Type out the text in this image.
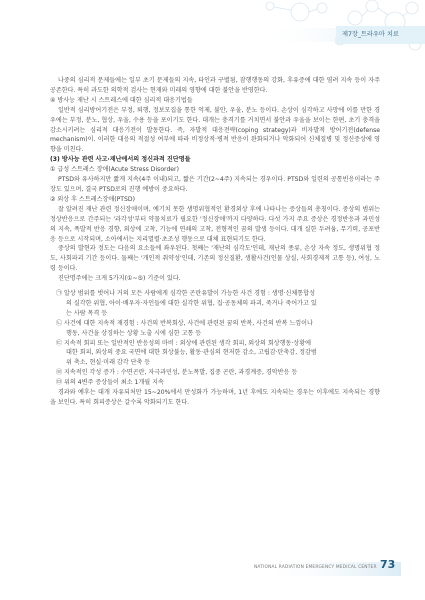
제7장_트라우마 치료

나중의 심리적 문제들에는 일부 초기 문제들의 지속, 타인과 구별됨, 잠행행동의 강화, 후유증에 대한 염려 지속 등이 자주 공존한다. 특히 과도한 의학적 검사는 현재와 미래의 영향에 대한 불안을 반영한다.

④ 방사능 재난 시 스트레스에 대한 심리적 대응기법들

일반적 심리방어기전은 부정, 퇴행, 정보모집을 통한 억제, 불안, 우울, 분노 등이다. 손상이 심각하고 사망에 이를 만한 경우에는 부정, 분노, 협상, 우울, 수용 등을 포이기도 한다. 대개는 충격기를 거치면서 불안과 우울을 보이는 한편, 초기 충격을 감소시키려는 심리적 대응기전이 발동한다. 즉, 자발적 대응전략(coping strategy)과 비자발적 방어기전(defense mechanism)이. 이러한 대응의 적절성 여부에 따라 비정상적·병적 반응이 완화되거나 악화되어 신체질병 및 정신증상에 영향을 미친다.

(3) 방사능 관련 사고·재난에서의 정신과적 진단명들

① 급성 스트레스 장애(Acute Stress Disorder)

PTSD와 유사하지만 짧게 지속(4주 이내)되고, 짧은 기간(2~4주) 지속되는 경우이다. PTSD와 일련의 공통빈응이라는 주장도 있으며, 결국 PTSD로의 진행 예방이 중요하다.

② 외상 후 스트레스장애(PTSD)

잘 알려진 재난 관련 정신장애이며, 예기치 못한 생명위협적인 환경외상 후에 나타나는 증상들의 총칭이다. 중상의 범위는 정상반응으로 간주되는 '과각성'부터 약물치료가 필요한 '정신장애'까지 다양하다. 다섯 가지 주요 증상은 경정반응과 과민성의 지속, 폭발적 반응 경향, 외상에 고착, 기능에 연쇄의 고착, 전형적인 꿈의 발생 등이다. 대개 실한 두려움, 무기력, 공포반응 등으로 시작되며, 소아에서는 지리멸렬·초조성 행동으로 대체 표현되기도 한다.

중상의 발현과 정도는 다음의 요소들에 좌우된다. 첫째는 '재난의 심각도'인데, 재난의 종류, 손상 자속 정도, 생명위협 정도, 사회파괴 기간 등이다. 둘째는 '개인적 취약성'인데, 기존의 정신질환, 생활사건(인물 상실, 사회경제적 고통 등), 여성, 노령 등이다.

진단명주에는 크게 5가지(①~⑤) 기준이 있다.

㉠ 알상 범위를 벗어나 거의 모든 사람에게 심각한 곤란유발이 가능한 사건 경험 : 생명·신체통합성

의 실각한 위협, 아이·배우자·자인들에 대한 실각한 위협, 집·공동체의 파괴, 죽거나 죽어가고 있

는 사람 목격 등

㉡ 사건에 대한 지속적 재경험 : 사건의 반복회상, 사건에 관련된 꿈의 반복, 사건의 반복 느낌이나

행동, 사건을 상징하는 상황 노출 시에 심한 고통 등

㉢ 지속적 회피 또는 일반적인 반응성의 마비 : 외상에 관련된 생각 회피, 외상의 회상행동·상황에

대한 회피, 외상의 중요 국면에 대한 회상불능, 활동·관심의 현저한 감소, 고립감·탄축감, 정감범

위 축소, 현실·미래 감각 단축 등

㉣ 지속적인 각성 증가 : 수면곤란, 자극과민성, 분노폭발, 집중 곤란, 과경계증, 경악반응 등

㉤ 위의 4변주 증상들이 최소 1개월 지속

경과와 예후는 대개 자유되처만 15~20%에서 만성화가 가능하며, 1년 후에도 지속되는 경우는 이후에도 지속되는 경향을 보인다. 특히 회피증상은 갈수록 악화되기도 한다.

NATIONAL RADIATION EMERGENCY MEDICAL CENTER 73
